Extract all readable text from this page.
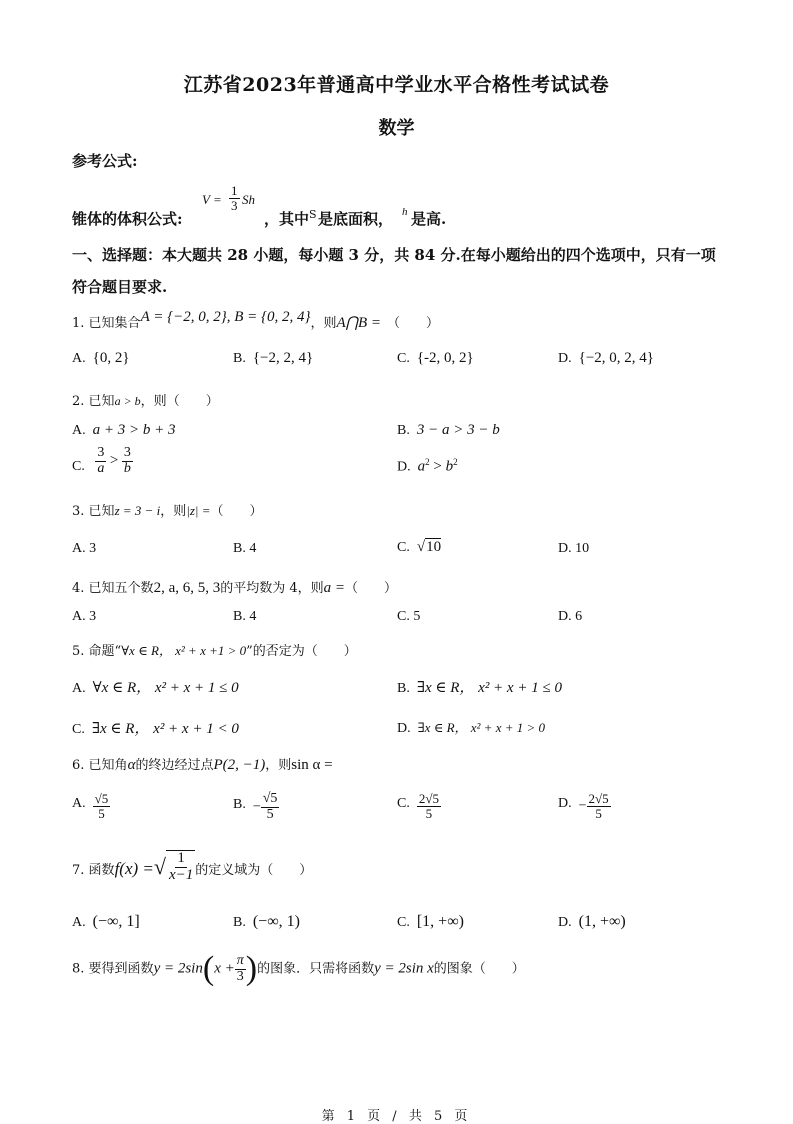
江苏省2023年普通高中学业水平合格性考试试卷
数学
参考公式:
锥体的体积公式:
$V = \frac{1}{3}$ Sh
，其中 S 是底面积， h 是高.
一、选择题：本大题共 28 小题，每小题 3 分，共 84 分.在每小题给出的四个选项中，只有一项
符合题目要求.
1. 已知集合A = {−2, 0, 2}, B = {0, 2, 4}，则A⋂B = （　　）
A. {0, 2}	B. {−2, 2, 4}	C. {-2, 0, 2}	D. {−2, 0, 2, 4}
2. 已知a > b，则（　　）
A. a + 3 > b + 3	B. 3 − a > 3 − b
C. $\frac{3}{a} > \frac{3}{b}$	D. $a^2 > b^2$
3. 已知z = 3 − i，则|z| =（　　）
A. 3	B. 4	C. √10	D. 10
4. 已知五个数2, a, 6, 5, 3的平均数为 4，则a =（　　）
A. 3	B. 4	C. 5	D. 6
5. 命题“∀x ∈ R， x² + x +1 > 0”的否定为（　　）
A. ∀x ∈ R， x² + x + 1 ≤ 0	B. ∃x ∈ R， x² + x + 1 ≤ 0
C. ∃x ∈ R， x² + x + 1 < 0	D. ∃x ∈ R， x² + x + 1 > 0
6. 已知角α的终边经过点P(2, −1)，则sin α =
A. $\frac{√5}{5}$	B. − $\frac{√5}{5}$	C. $\frac{2√5}{5}$	D. − $\frac{2√5}{5}$
7. 函数f(x) =√ $\frac{1}{x-1}$ 的定义域为（　　）
A. (−∞, 1]	B. (−∞, 1)	C. [1, +∞)	D. (1, +∞)
8. 要得到函数$y = 2\sin(x + \frac{\pi}{3}$ )的图象．只需将函数y = 2sin x的图象（　　）
第 1 页 / 共 5 页
